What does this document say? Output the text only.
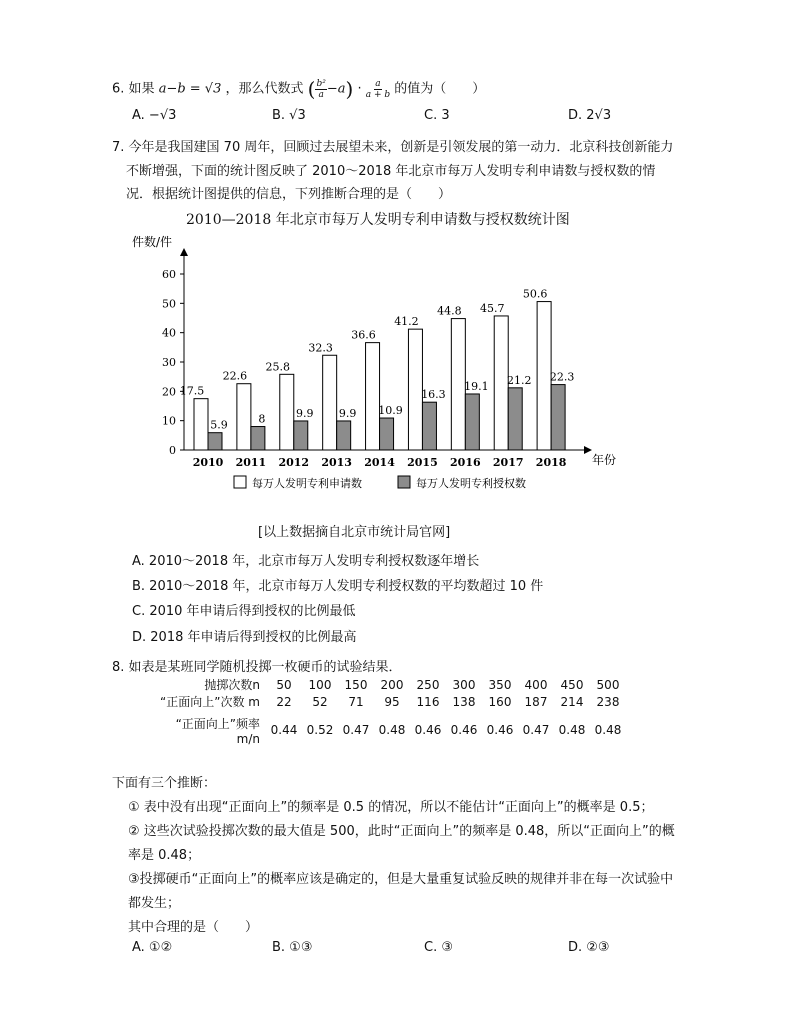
6. 如果 a−b = √3 ，那么代数式 ( $\frac{\text{b²}}{a} -a) \cdot \frac{a}{a + b}$ 的值为（　　）
A. −√3	B. √3	C. 3	D. 2√3
7. 今年是我国建国 70 周年，回顾过去展望未来，创新是引领发展的第一动力．北京科技创新能力
不断增强，下面的统计图反映了 2010～2018 年北京市每万人发明专利申请数与授权数的情
况．根据统计图提供的信息，下列推断合理的是（　　）
2010—2018 年北京市每万人发明专利申请数与授权数统计图
0
10
20
30
40
50
60
件数/件
年份
17.5
5.9
2010
22.6
8
2011
25.8
9.9
2012
32.3
9.9
2013
36.6
10.9
2014
41.2
16.3
2015
44.8
19.1
2016
45.7
21.2
2017
50.6
22.3
2018
每万人发明专利申请数	每万人发明专利授权数
[以上数据摘自北京市统计局官网]
A. 2010～2018 年，北京市每万人发明专利授权数逐年增长
B. 2010～2018 年，北京市每万人发明专利授权数的平均数超过 10 件
C. 2010 年申请后得到授权的比例最低
D. 2018 年申请后得到授权的比例最高
8. 如表是某班同学随机投掷一枚硬币的试验结果．
抛掷次数n	50	100	150	200	250	300	350	400	450	500
“正面向上”次数 m	22	52	71	95	116	138	160	187	214	238
“正面向上”频率 m/n	0.44	0.52	0.47	0.48	0.46	0.46	0.46	0.47	0.48	0.48
下面有三个推断：
① 表中没有出现“正面向上”的频率是 0.5 的情况，所以不能估计“正面向上”的概率是 0.5；
② 这些次试验投掷次数的最大值是 500，此时“正面向上”的频率是 0.48，所以“正面向上”的概
率是 0.48；
③投掷硬币“正面向上”的概率应该是确定的，但是大量重复试验反映的规律并非在每一次试验中
都发生；
其中合理的是（　　）
A. ①②	B. ①③	C. ③	D. ②③
